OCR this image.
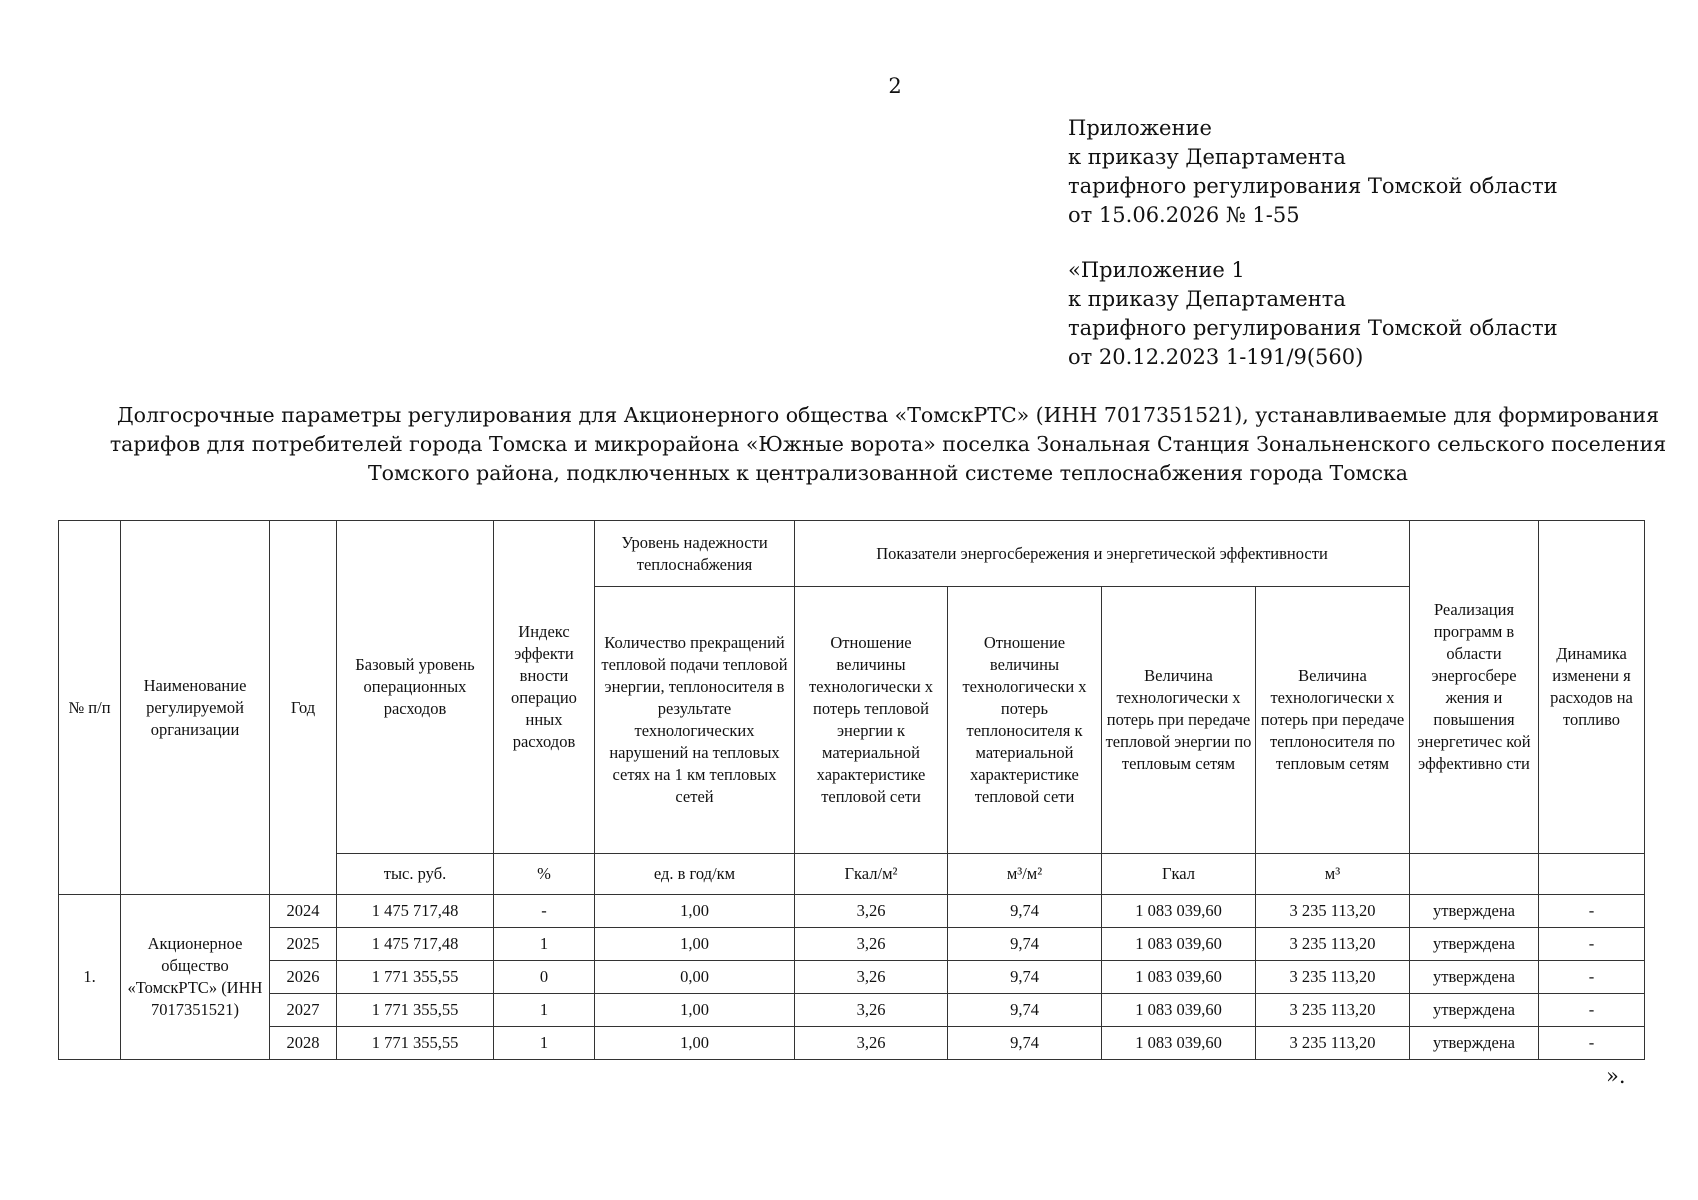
2
Приложение
к приказу Департамента
тарифного регулирования Томской области
от 15.06.2026 № 1-55
«Приложение 1
к приказу Департамента
тарифного регулирования Томской области
от 20.12.2023 1-191/9(560)
Долгосрочные параметры регулирования для Акционерного общества «ТомскРТС» (ИНН 7017351521), устанавливаемые для формирования
тарифов для потребителей города Томска и микрорайона «Южные ворота» поселка Зональная Станция Зональненского сельского поселения
Томского района, подключенных к централизованной системе теплоснабжения города Томска
№ п/п	Наименование регулируемой организации	Год	Базовый уровень операционных расходов	Индекс эффекти вности операцио нных расходов	Уровень надежности теплоснабжения	Показатели энергосбережения и энергетической эффективности				Реализация программ в области энергосбере жения и повышения энергетичес кой эффективно сти	Динамика изменени я расходов на топливо
					Количество прекращений тепловой подачи тепловой энергии, теплоносителя в результате технологических нарушений на тепловых сетях на 1 км тепловых сетей	Отношение величины технологически х потерь тепловой энергии к материальной характеристике тепловой сети	Отношение величины технологически х потерь теплоносителя к материальной характеристике тепловой сети	Величина технологически х потерь при передаче тепловой энергии по тепловым сетям	Величина технологически х потерь при передаче теплоносителя по тепловым сетям		
			тыс. руб.	%	ед. в год/км	Гкал/м²	м³/м²	Гкал	м³		
1.	Акционерное общество «ТомскРТС» (ИНН 7017351521)	2024	1 475 717,48	-	1,00	3,26	9,74	1 083 039,60	3 235 113,20	утверждена	-
		2025	1 475 717,48	1	1,00	3,26	9,74	1 083 039,60	3 235 113,20	утверждена	-
		2026	1 771 355,55	0	0,00	3,26	9,74	1 083 039,60	3 235 113,20	утверждена	-
		2027	1 771 355,55	1	1,00	3,26	9,74	1 083 039,60	3 235 113,20	утверждена	-
		2028	1 771 355,55	1	1,00	3,26	9,74	1 083 039,60	3 235 113,20	утверждена	-
».
